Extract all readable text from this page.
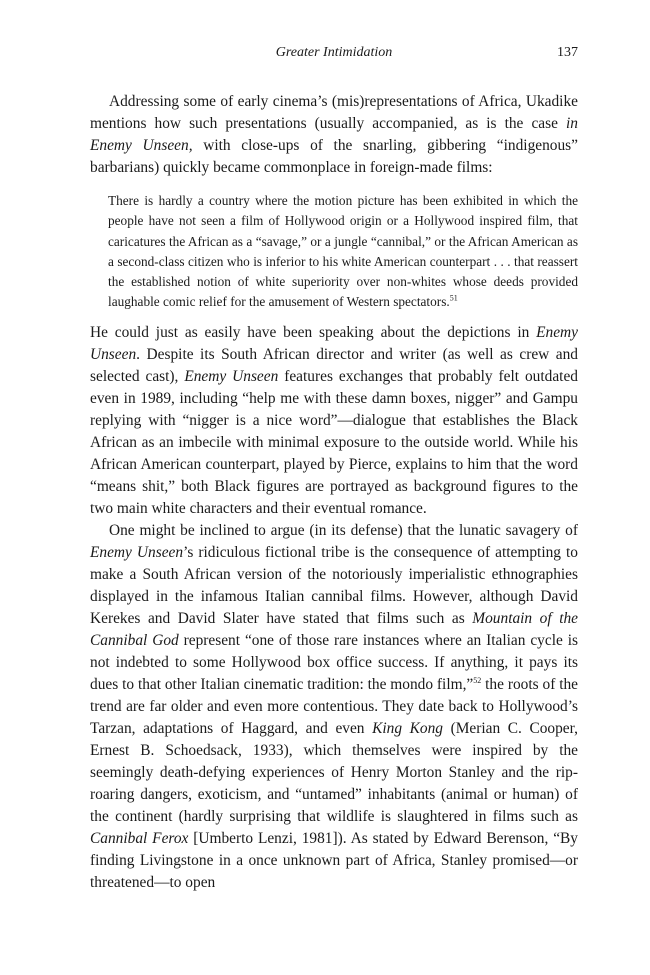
Greater Intimidation	137

Addressing some of early cinema’s (mis)representations of Africa, Ukadike mentions how such presentations (usually accompanied, as is the case in Enemy Unseen, with close-ups of the snarling, gibbering “indigenous” barbarians) quickly became commonplace in foreign-made films:

There is hardly a country where the motion picture has been exhibited in which the people have not seen a film of Hollywood origin or a Hollywood inspired film, that caricatures the African as a “savage,” or a jungle “cannibal,” or the African American as a second-class citizen who is inferior to his white American counterpart . . . that reassert the established notion of white superiority over non-whites whose deeds provided laughable comic relief for the amusement of Western spectators.$^{51}$

He could just as easily have been speaking about the depictions in Enemy Unseen. Despite its South African director and writer (as well as crew and selected cast), Enemy Unseen features exchanges that probably felt outdated even in 1989, including “help me with these damn boxes, nigger” and Gampu replying with “nigger is a nice word”—dialogue that establishes the Black African as an imbecile with minimal exposure to the outside world. While his African American counterpart, played by Pierce, explains to him that the word “means shit,” both Black figures are portrayed as background figures to the two main white characters and their eventual romance.

One might be inclined to argue (in its defense) that the lunatic savagery of Enemy Unseen’s ridiculous fictional tribe is the consequence of attempting to make a South African version of the notoriously imperialistic ethnographies displayed in the infamous Italian cannibal films. However, although David Kerekes and David Slater have stated that films such as Mountain of the Cannibal God represent “one of those rare instances where an Italian cycle is not indebted to some Hollywood box office success. If anything, it pays its dues to that other Italian cinematic tradition: the mondo film,”$^{52}$ the roots of the trend are far older and even more contentious. They date back to Hollywood’s Tarzan, adaptations of Haggard, and even King Kong (Merian C. Cooper, Ernest B. Schoedsack, 1933), which themselves were inspired by the seemingly death-defying experiences of Henry Morton Stanley and the rip-roaring dangers, exoticism, and “untamed” inhabitants (animal or human) of the continent (hardly surprising that wildlife is slaughtered in films such as Cannibal Ferox [Umberto Lenzi, 1981]). As stated by Edward Berenson, “By finding Livingstone in a once unknown part of Africa, Stanley promised—or threatened—to open
